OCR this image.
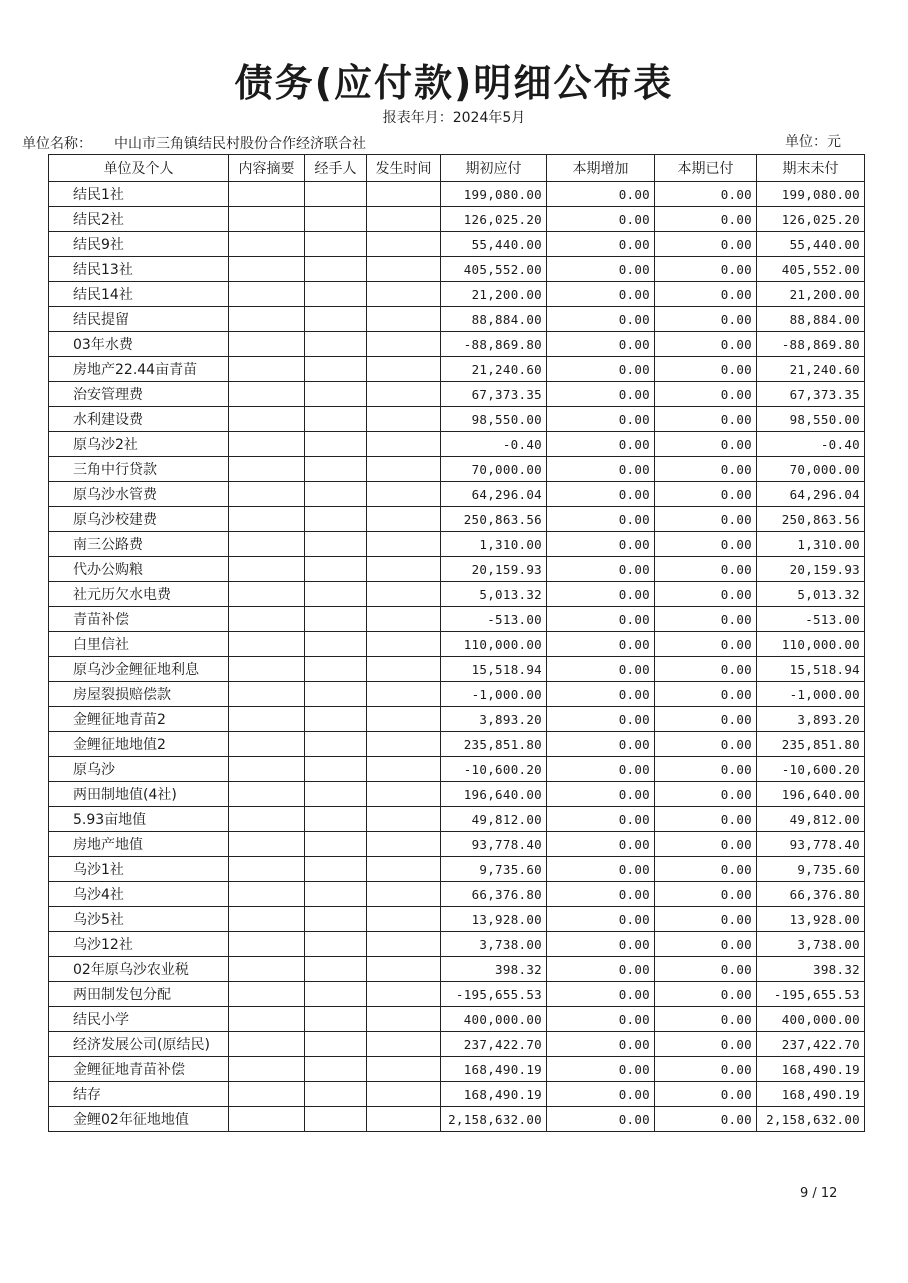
债务(应付款)明细公布表
报表年月：2024年5月
单位名称： 中山市三角镇结民村股份合作经济联合社	单位：元
单位及个人	内容摘要	经手人	发生时间	期初应付	本期增加	本期已付	期末未付
结民1社				199,080.00	0.00	0.00	199,080.00
结民2社				126,025.20	0.00	0.00	126,025.20
结民9社				55,440.00	0.00	0.00	55,440.00
结民13社				405,552.00	0.00	0.00	405,552.00
结民14社				21,200.00	0.00	0.00	21,200.00
结民提留				88,884.00	0.00	0.00	88,884.00
03年水费				-88,869.80	0.00	0.00	-88,869.80
房地产22.44亩青苗				21,240.60	0.00	0.00	21,240.60
治安管理费				67,373.35	0.00	0.00	67,373.35
水利建设费				98,550.00	0.00	0.00	98,550.00
原乌沙2社				-0.40	0.00	0.00	-0.40
三角中行贷款				70,000.00	0.00	0.00	70,000.00
原乌沙水管费				64,296.04	0.00	0.00	64,296.04
原乌沙校建费				250,863.56	0.00	0.00	250,863.56
南三公路费				1,310.00	0.00	0.00	1,310.00
代办公购粮				20,159.93	0.00	0.00	20,159.93
社元历欠水电费				5,013.32	0.00	0.00	5,013.32
青苗补偿				-513.00	0.00	0.00	-513.00
白里信社				110,000.00	0.00	0.00	110,000.00
原乌沙金鲤征地利息				15,518.94	0.00	0.00	15,518.94
房屋裂损赔偿款				-1,000.00	0.00	0.00	-1,000.00
金鲤征地青苗2				3,893.20	0.00	0.00	3,893.20
金鲤征地地值2				235,851.80	0.00	0.00	235,851.80
原乌沙				-10,600.20	0.00	0.00	-10,600.20
两田制地值(4社)				196,640.00	0.00	0.00	196,640.00
5.93亩地值				49,812.00	0.00	0.00	49,812.00
房地产地值				93,778.40	0.00	0.00	93,778.40
乌沙1社				9,735.60	0.00	0.00	9,735.60
乌沙4社				66,376.80	0.00	0.00	66,376.80
乌沙5社				13,928.00	0.00	0.00	13,928.00
乌沙12社				3,738.00	0.00	0.00	3,738.00
02年原乌沙农业税				398.32	0.00	0.00	398.32
两田制发包分配				-195,655.53	0.00	0.00	-195,655.53
结民小学				400,000.00	0.00	0.00	400,000.00
经济发展公司(原结民)				237,422.70	0.00	0.00	237,422.70
金鲤征地青苗补偿				168,490.19	0.00	0.00	168,490.19
结存				168,490.19	0.00	0.00	168,490.19
金鲤02年征地地值				2,158,632.00	0.00	0.00	2,158,632.00
9 / 12
